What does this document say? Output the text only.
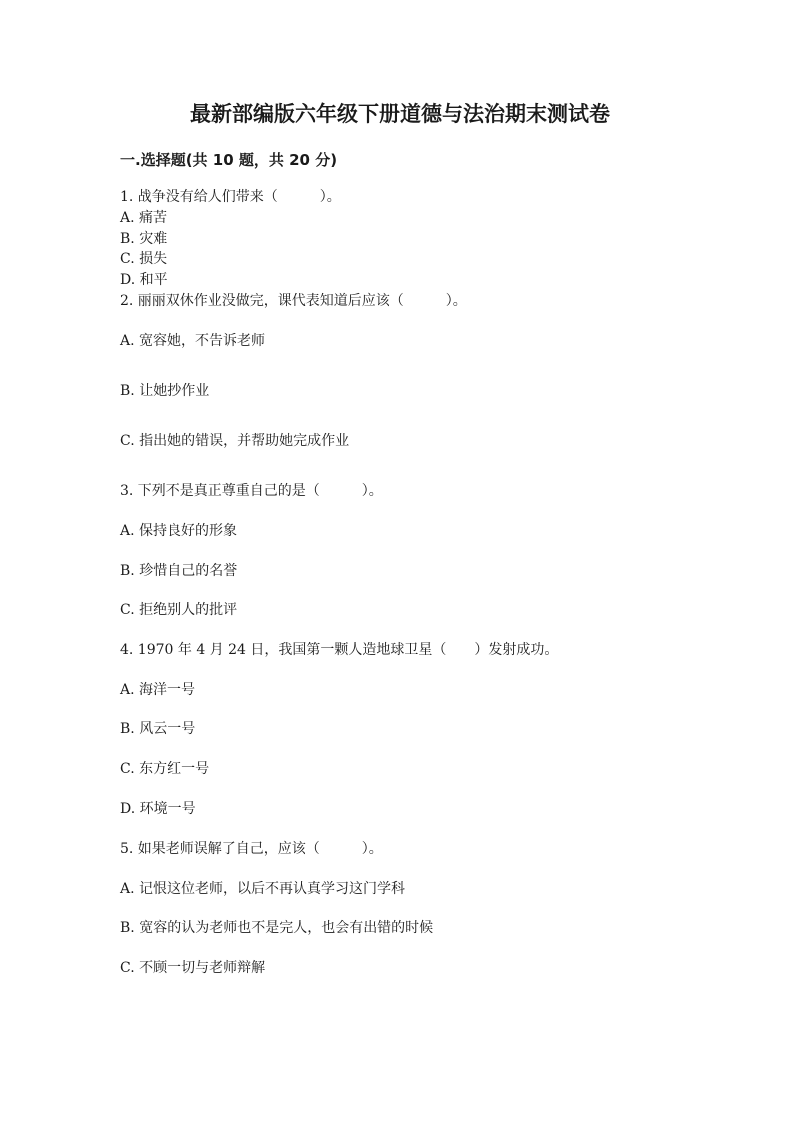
最新部编版六年级下册道德与法治期末测试卷
一.选择题(共 10 题，共 20 分)
1. 战争没有给人们带来（　　　）。
A. 痛苦
B. 灾难
C. 损失
D. 和平
2. 丽丽双休作业没做完，课代表知道后应该（　　　）。
A. 宽容她，不告诉老师
B. 让她抄作业
C. 指出她的错误，并帮助她完成作业
3. 下列不是真正尊重自己的是（　　　）。
A. 保持良好的形象
B. 珍惜自己的名誉
C. 拒绝别人的批评
4. 1970 年 4 月 24 日，我国第一颗人造地球卫星（　　）发射成功。
A. 海洋一号
B. 风云一号
C. 东方红一号
D. 环境一号
5. 如果老师误解了自己，应该（　　　）。
A. 记恨这位老师，以后不再认真学习这门学科
B. 宽容的认为老师也不是完人，也会有出错的时候
C. 不顾一切与老师辩解
